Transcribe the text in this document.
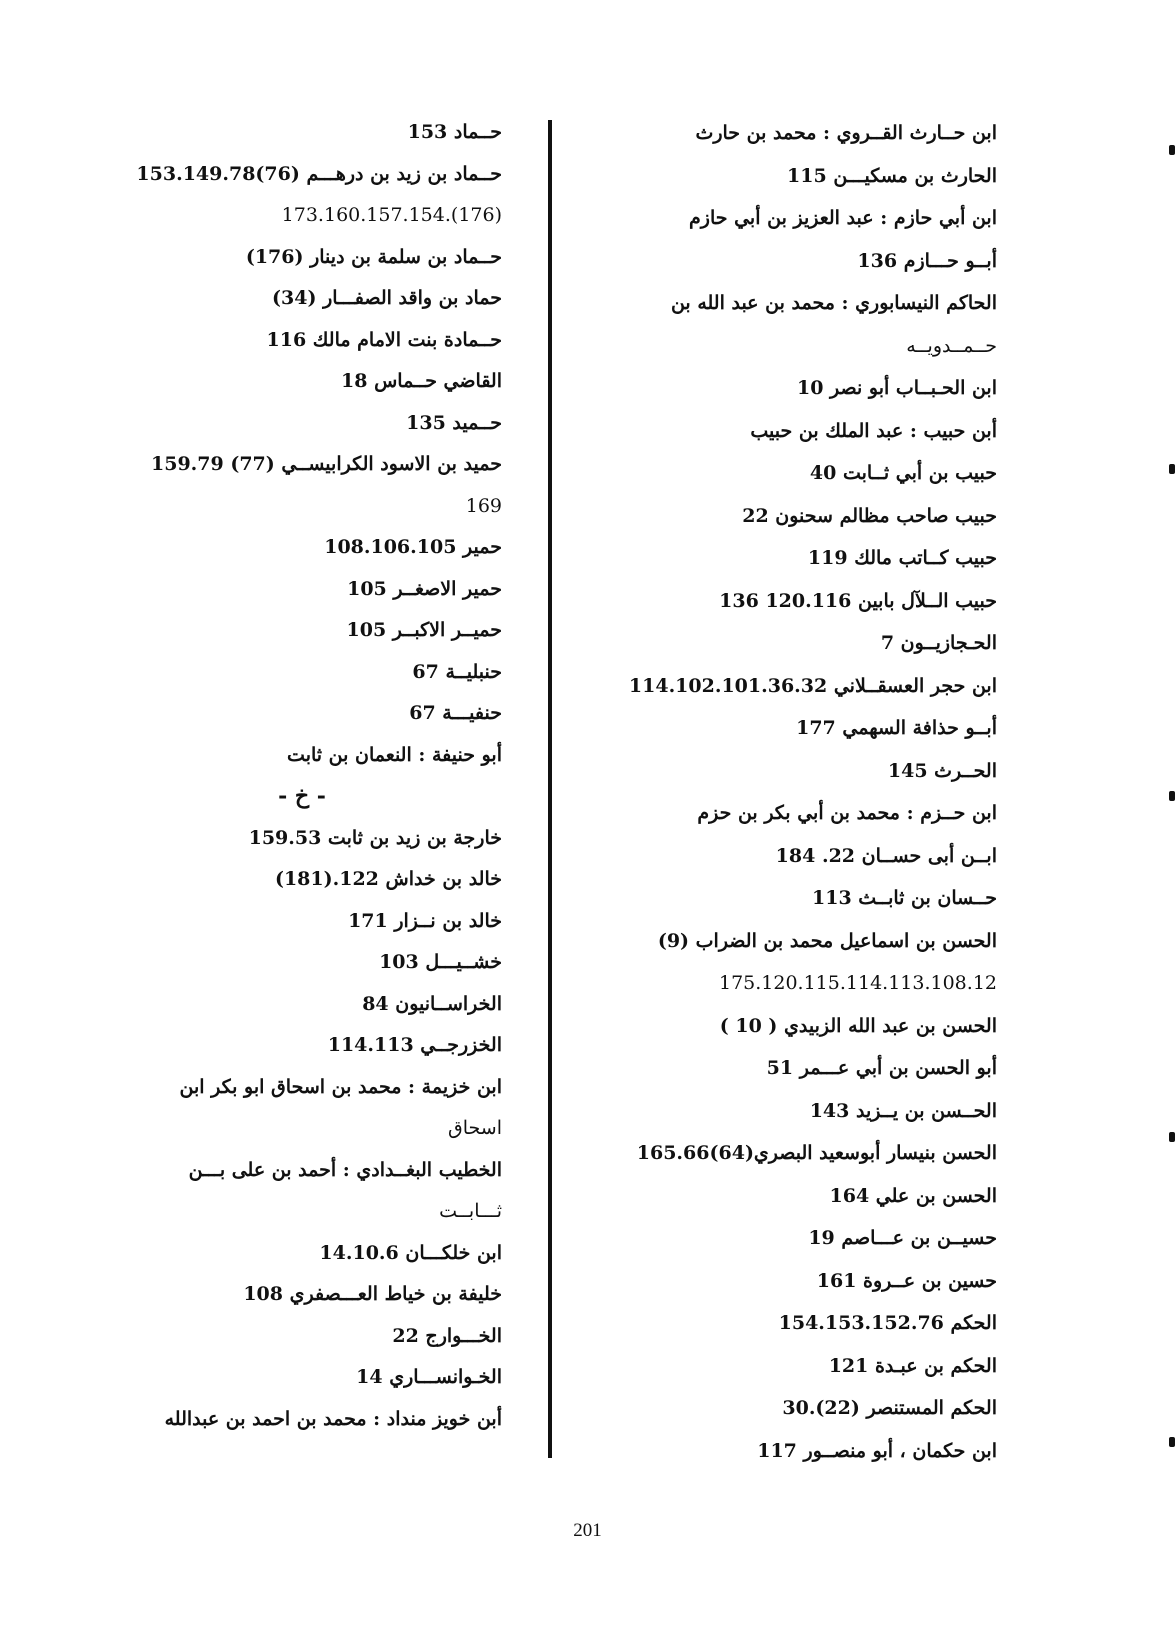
ابن حــارث القــروي : محمد بن حارث
الحارث بن مسكيـــن 115
ابن أبي حازم : عبد العزيز بن أبي حازم
أبــو حـــازم 136
الحاكم النيسابوري : محمد بن عبد الله بن
حــمــدويــه
ابن الحـبــاب أبو نصر 10
أبن حبيب : عبد الملك بن حبيب
حبيب بن أبي ثــابت 40
حبيب صاحب مظالم سحنون 22
حبيب كــاتب مالك 119
حبيب الــلآل بابين 120.116 136
الحـجازيــون 7
ابن حجر العسقــلاني 114.102.101.36.32
أبــو حذافة السهمي 177
الحــرث 145
ابن حــزم : محمد بن أبي بكر بن حزم
ابــن أبى حســان 22. 184
حــسان بن ثابــث 113
الحسن بن اسماعيل محمد بن الضراب (9)
175.120.115.114.113.108.12
الحسن بن عبد الله الزبيدي ( 10 )
أبو الحسن بن أبي عـــمر 51
الحــسن بن يــزيد 143
الحسن بنيسار أبوسعيد البصري(64)165.66
الحسن بن علي 164
حسيــن بن عـــاصم 19
حسين بن عــروة 161
الحكم 154.153.152.76
الحكم بن عبـدة 121
الحكم المستنصر (22).30
ابن حكمان ، أبو منصــور 117
حــماد 153
حــماد بن زيد بن درهـــم (76)153.149.78
(176).173.160.157.154
حــماد بن سلمة بن دينار (176)
حماد بن واقد الصفـــار (34)
حــمادة بنت الامام مالك 116
القاضي حــماس 18
حــميد 135
حميد بن الاسود الكرابيســي (77) 159.79
169
حمير 108.106.105
حمير الاصغــر 105
حميــر الاكبــر 105
حنبليــة 67
حنفيـــة 67
أبو حنيفة : النعمان بن ثابت
- خ -
خارجة بن زيد بن ثابت 159.53
خالد بن خداش 122.(181)
خالد بن نــزار 171
خشــيـــل 103
الخراســانيون 84
الخزرجــي 114.113
ابن خزيمة : محمد بن اسحاق ابو بكر ابن
اسحاق
الخطيب البغــدادي : أحمد بن على بـــن
ثـــابــت
ابن خلكـــان 14.10.6
خليفة بن خياط العـــصفري 108
الخـــوارج 22
الخـوانســـاري 14
أبن خويز منداد : محمد بن احمد بن عبدالله
201
